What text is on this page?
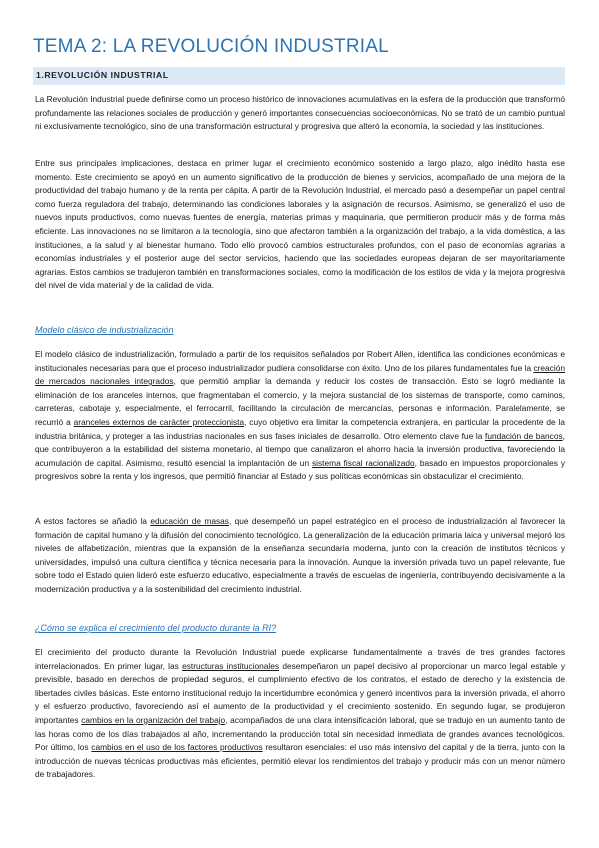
TEMA 2: LA REVOLUCIÓN INDUSTRIAL
1.REVOLUCIÓN INDUSTRIAL

La Revolución Industrial puede definirse como un proceso histórico de innovaciones acumulativas en la esfera de la producción que transformó profundamente las relaciones sociales de producción y generó importantes consecuencias socioeconómicas. No se trató de un cambio puntual ni exclusivamente tecnológico, sino de una transformación estructural y progresiva que alteró la economía, la sociedad y las instituciones.

Entre sus principales implicaciones, destaca en primer lugar el crecimiento económico sostenido a largo plazo, algo inédito hasta ese momento. Este crecimiento se apoyó en un aumento significativo de la producción de bienes y servicios, acompañado de una mejora de la productividad del trabajo humano y de la renta per cápita. A partir de la Revolución Industrial, el mercado pasó a desempeñar un papel central como fuerza reguladora del trabajo, determinando las condiciones laborales y la asignación de recursos. Asimismo, se generalizó el uso de nuevos inputs productivos, como nuevas fuentes de energía, materias primas y maquinaria, que permitieron producir más y de forma más eficiente. Las innovaciones no se limitaron a la tecnología, sino que afectaron también a la organización del trabajo, a la vida doméstica, a las instituciones, a la salud y al bienestar humano. Todo ello provocó cambios estructurales profundos, con el paso de economías agrarias a economías industriales y el posterior auge del sector servicios, haciendo que las sociedades europeas dejaran de ser mayoritariamente agrarias. Estos cambios se tradujeron también en transformaciones sociales, como la modificación de los estilos de vida y la mejora progresiva del nivel de vida material y de la calidad de vida.

Modelo clásico de industrialización

El modelo clásico de industrialización, formulado a partir de los requisitos señalados por Robert Allen, identifica las condiciones económicas e institucionales necesarias para que el proceso industrializador pudiera consolidarse con éxito. Uno de los pilares fundamentales fue la creación de mercados nacionales integrados, que permitió ampliar la demanda y reducir los costes de transacción. Esto se logró mediante la eliminación de los aranceles internos, que fragmentaban el comercio, y la mejora sustancial de los sistemas de transporte, como caminos, carreteras, cabotaje y, especialmente, el ferrocarril, facilitando la circulación de mercancías, personas e información. Paralelamente, se recurrió a aranceles externos de carácter proteccionista, cuyo objetivo era limitar la competencia extranjera, en particular la procedente de la industria británica, y proteger a las industrias nacionales en sus fases iniciales de desarrollo. Otro elemento clave fue la fundación de bancos, que contribuyeron a la estabilidad del sistema monetario, al tiempo que canalizaron el ahorro hacia la inversión productiva, favoreciendo la acumulación de capital. Asimismo, resultó esencial la implantación de un sistema fiscal racionalizado, basado en impuestos proporcionales y progresivos sobre la renta y los ingresos, que permitió financiar al Estado y sus políticas económicas sin obstaculizar el crecimiento.

A estos factores se añadió la educación de masas, que desempeñó un papel estratégico en el proceso de industrialización al favorecer la formación de capital humano y la difusión del conocimiento tecnológico. La generalización de la educación primaria laica y universal mejoró los niveles de alfabetización, mientras que la expansión de la enseñanza secundaria moderna, junto con la creación de institutos técnicos y universidades, impulsó una cultura científica y técnica necesaria para la innovación. Aunque la inversión privada tuvo un papel relevante, fue sobre todo el Estado quien lideró este esfuerzo educativo, especialmente a través de escuelas de ingeniería, contribuyendo decisivamente a la modernización productiva y a la sostenibilidad del crecimiento industrial.

¿Cómo se explica el crecimiento del producto durante la RI?

El crecimiento del producto durante la Revolución Industrial puede explicarse fundamentalmente a través de tres grandes factores interrelacionados. En primer lugar, las estructuras institucionales desempeñaron un papel decisivo al proporcionar un marco legal estable y previsible, basado en derechos de propiedad seguros, el cumplimiento efectivo de los contratos, el estado de derecho y la existencia de libertades civiles básicas. Este entorno institucional redujo la incertidumbre económica y generó incentivos para la inversión privada, el ahorro y el esfuerzo productivo, favoreciendo así el aumento de la productividad y el crecimiento sostenido. En segundo lugar, se produjeron importantes cambios en la organización del trabajo, acompañados de una clara intensificación laboral, que se tradujo en un aumento tanto de las horas como de los días trabajados al año, incrementando la producción total sin necesidad inmediata de grandes avances tecnológicos. Por último, los cambios en el uso de los factores productivos resultaron esenciales: el uso más intensivo del capital y de la tierra, junto con la introducción de nuevas técnicas productivas más eficientes, permitió elevar los rendimientos del trabajo y producir más con un menor número de trabajadores.
